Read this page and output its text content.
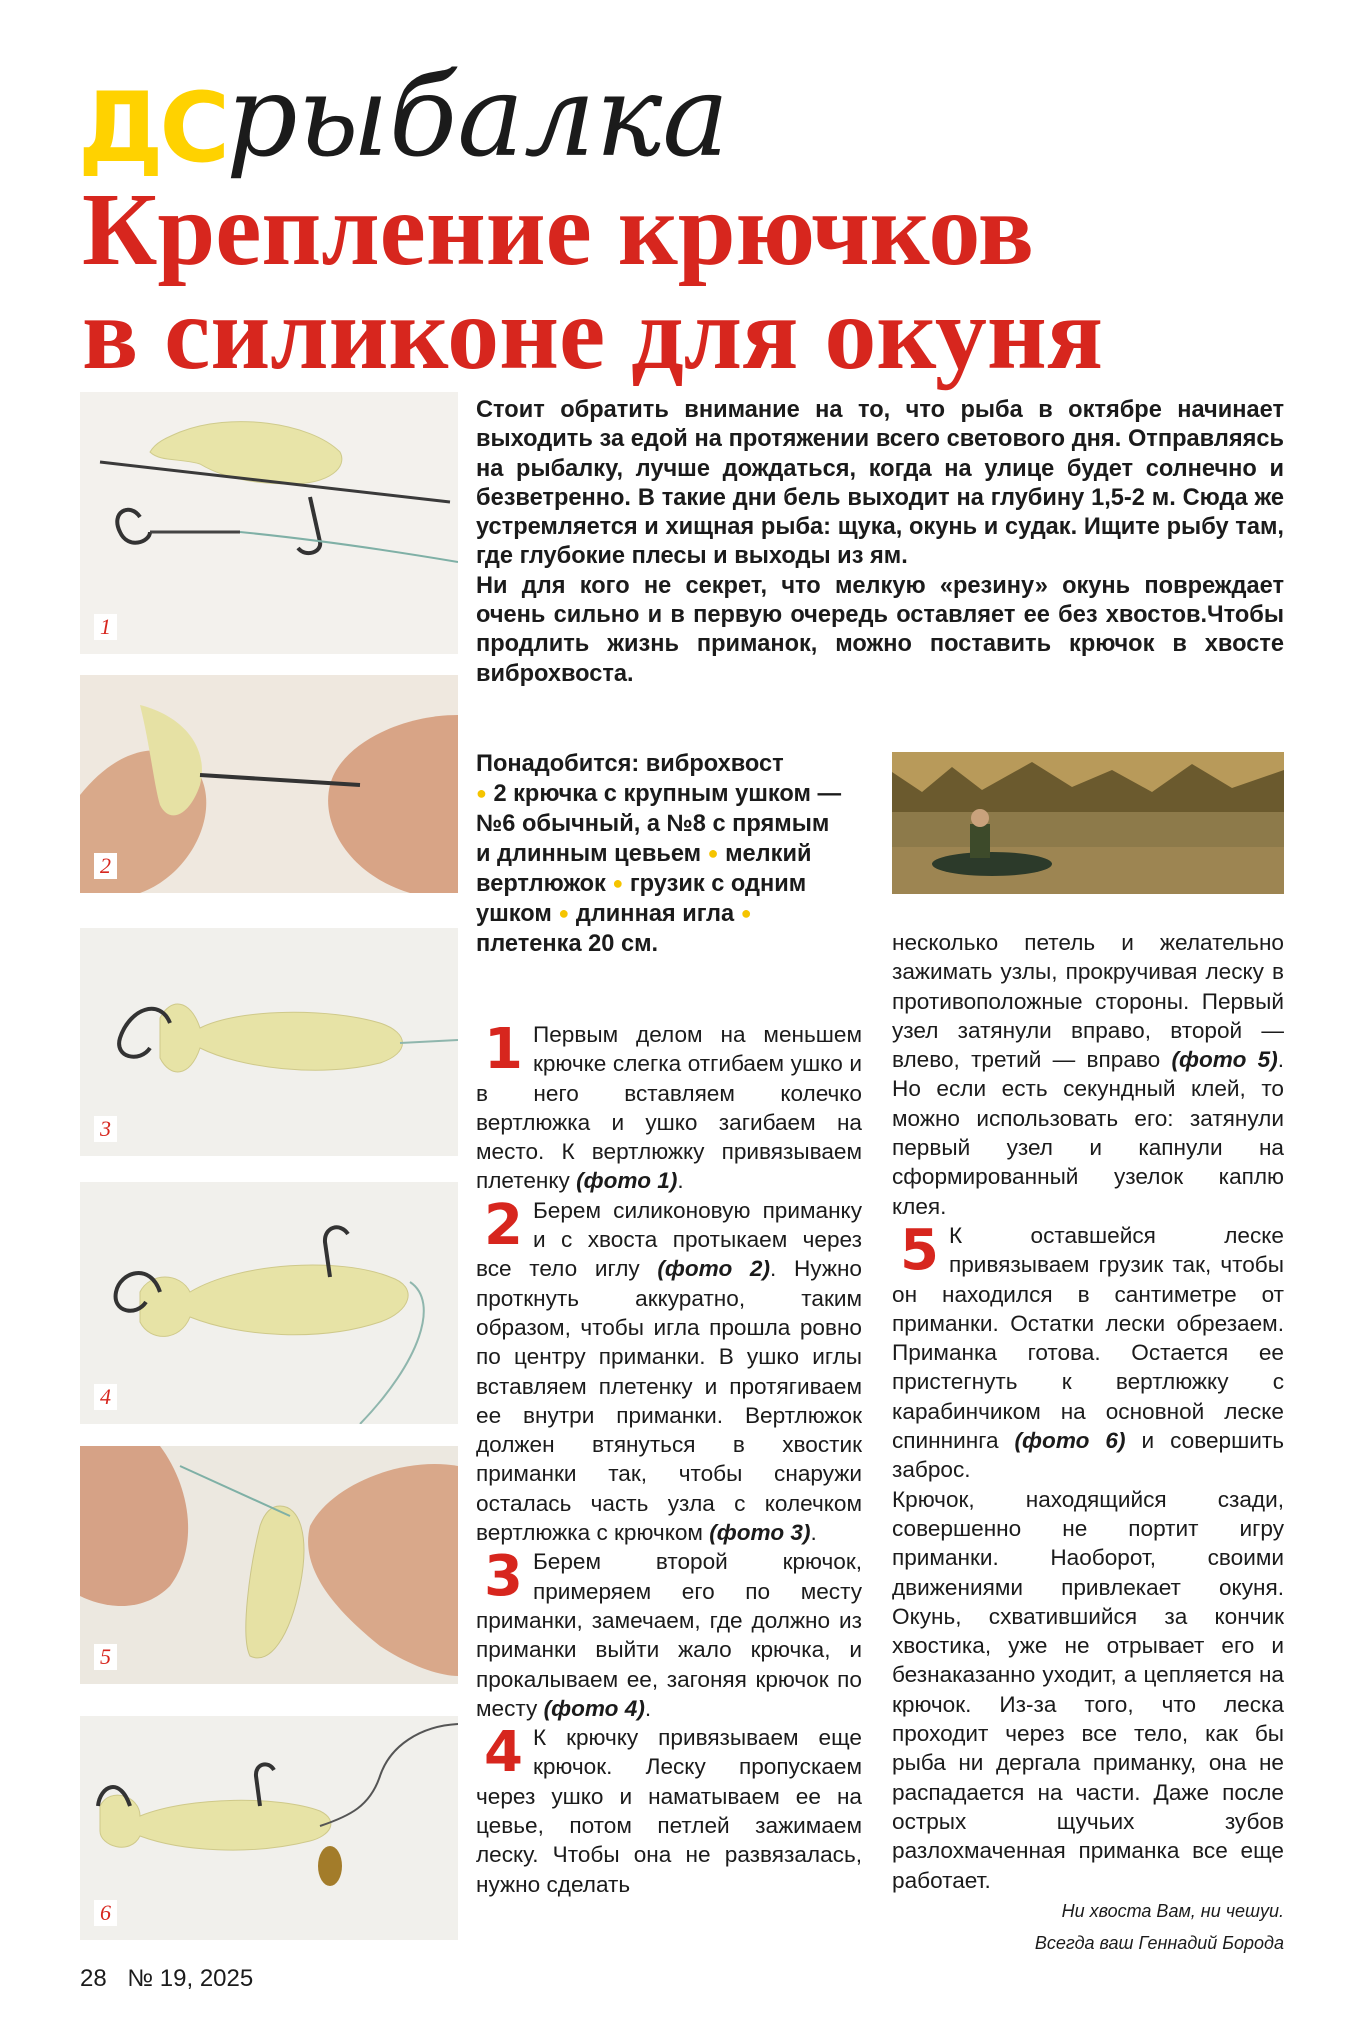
ДС рыбалка
Крепление крючков
в силиконе для окуня
1
2
3
4
5
6

Стоит обратить внимание на то, что рыба в октябре начинает выходить за едой на протяжении всего светового дня. Отправляясь на рыбалку, лучше дождаться, когда на улице будет солнечно и безветренно. В такие дни бель выходит на глубину 1,5-2 м. Сюда же устремляется и хищная рыба: щука, окунь и судак. Ищите рыбу там, где глубокие плесы и выходы из ям.

Ни для кого не секрет, что мелкую «резину» окунь повреждает очень сильно и в первую очередь оставляет ее без хвостов.Чтобы продлить жизнь приманок, можно поставить крючок в хвосте виброхвоста.

Понадобится: виброхвост
● 2 крючка с крупным ушком — №6 обычный, а №8 с прямым и длинным цевьем ● мелкий вертлюжок ● грузик с одним ушком ● длинная игла ● плетенка 20 см.

1 Первым делом на меньшем крючке слегка отгибаем ушко и в него вставляем колечко вертлюжка и ушко загибаем на место. К вертлюжку привязываем плетенку (фото 1).

2 Берем силиконовую приманку и с хвоста протыкаем через все тело иглу (фото 2). Нужно проткнуть аккуратно, таким образом, чтобы игла прошла ровно по центру приманки. В ушко иглы вставляем плетенку и протягиваем ее внутри приманки. Вертлюжок должен втянуться в хвостик приманки так, чтобы снаружи осталась часть узла с колечком вертлюжка с крючком (фото 3).

3 Берем второй крючок, примеряем его по месту приманки, замечаем, где должно из приманки выйти жало крючка, и прокалываем ее, загоняя крючок по месту (фото 4).

4 К крючку привязываем еще крючок. Леску пропускаем через ушко и наматываем ее на цевье, потом петлей зажимаем леску. Чтобы она не развязалась, нужно сделать

несколько петель и желательно зажимать узлы, прокручивая леску в противоположные стороны. Первый узел затянули вправо, второй — влево, третий — вправо (фото 5). Но если есть секундный клей, то можно использовать его: затянули первый узел и капнули на сформированный узелок каплю клея.

5 К оставшейся леске привязываем грузик так, чтобы он находился в сантиметре от приманки. Остатки лески обрезаем. Приманка готова. Остается ее пристегнуть к вертлюжку с карабинчиком на основной леске спиннинга (фото 6) и совершить заброс.

Крючок, находящийся сзади, совершенно не портит игру приманки. Наоборот, своими движениями привлекает окуня. Окунь, схватившийся за кончик хвостика, уже не отрывает его и безнаказанно уходит, а цепляется на крючок. Из-за того, что леска проходит через все тело, как бы рыба ни дергала приманку, она не распадается на части. Даже после острых щучьих зубов разлохмаченная приманка все еще работает.

Ни хвоста Вам, ни чешуи.
Всегда ваш Геннадий Борода
28 № 19, 2025
